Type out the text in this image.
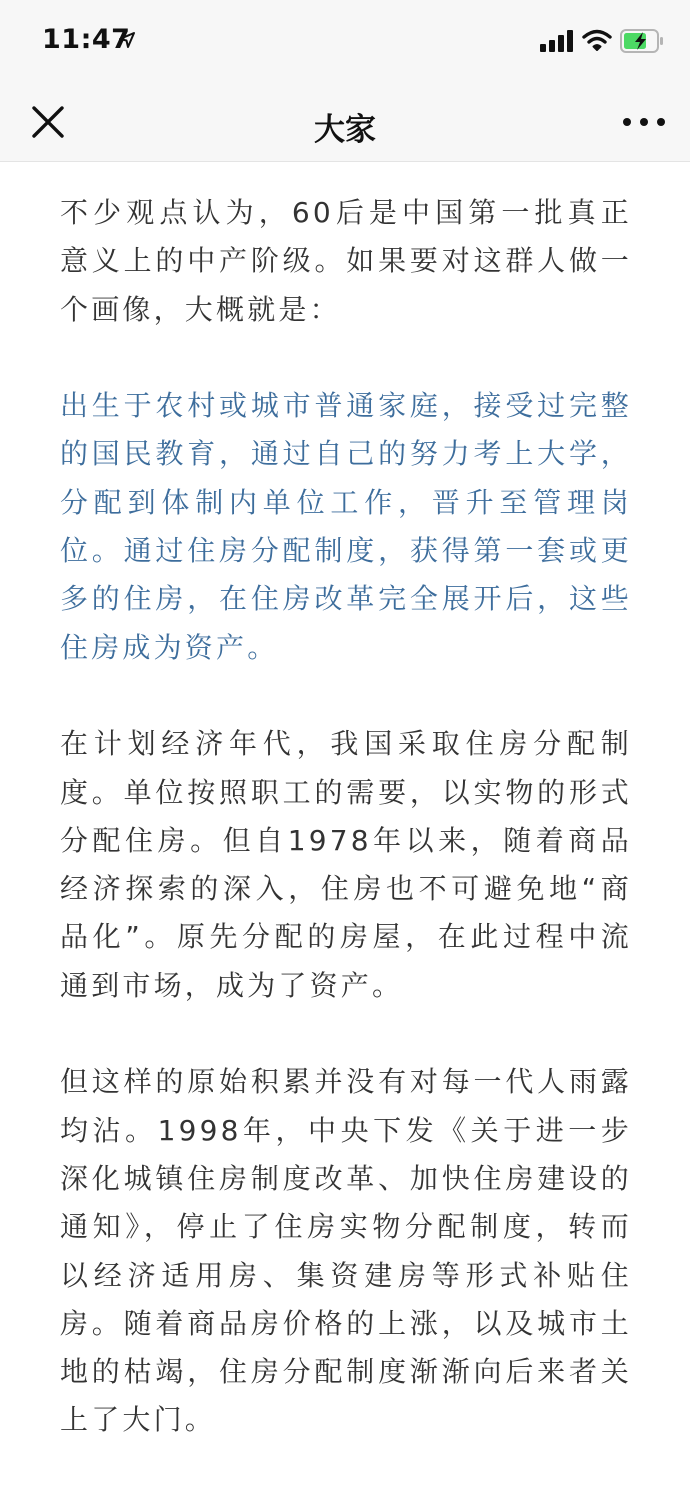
11:47
大家

不少观点认为，60后是中国第一批真正意义上的中产阶级。如果要对这群人做一个画像，大概就是：

出生于农村或城市普通家庭，接受过完整的国民教育，通过自己的努力考上大学，分配到体制内单位工作，晋升至管理岗位。通过住房分配制度，获得第一套或更多的住房，在住房改革完全展开后，这些住房成为资产。

在计划经济年代，我国采取住房分配制度。单位按照职工的需要，以实物的形式分配住房。但自1978年以来，随着商品经济探索的深入，住房也不可避免地“商品化”。原先分配的房屋，在此过程中流通到市场，成为了资产。

但这样的原始积累并没有对每一代人雨露均沾。1998年，中央下发《关于进一步深化城镇住房制度改革、加快住房建设的通知》，停止了住房实物分配制度，转而以经济适用房、集资建房等形式补贴住房。随着商品房价格的上涨，以及城市土地的枯竭，住房分配制度渐渐向后来者关上了大门。
